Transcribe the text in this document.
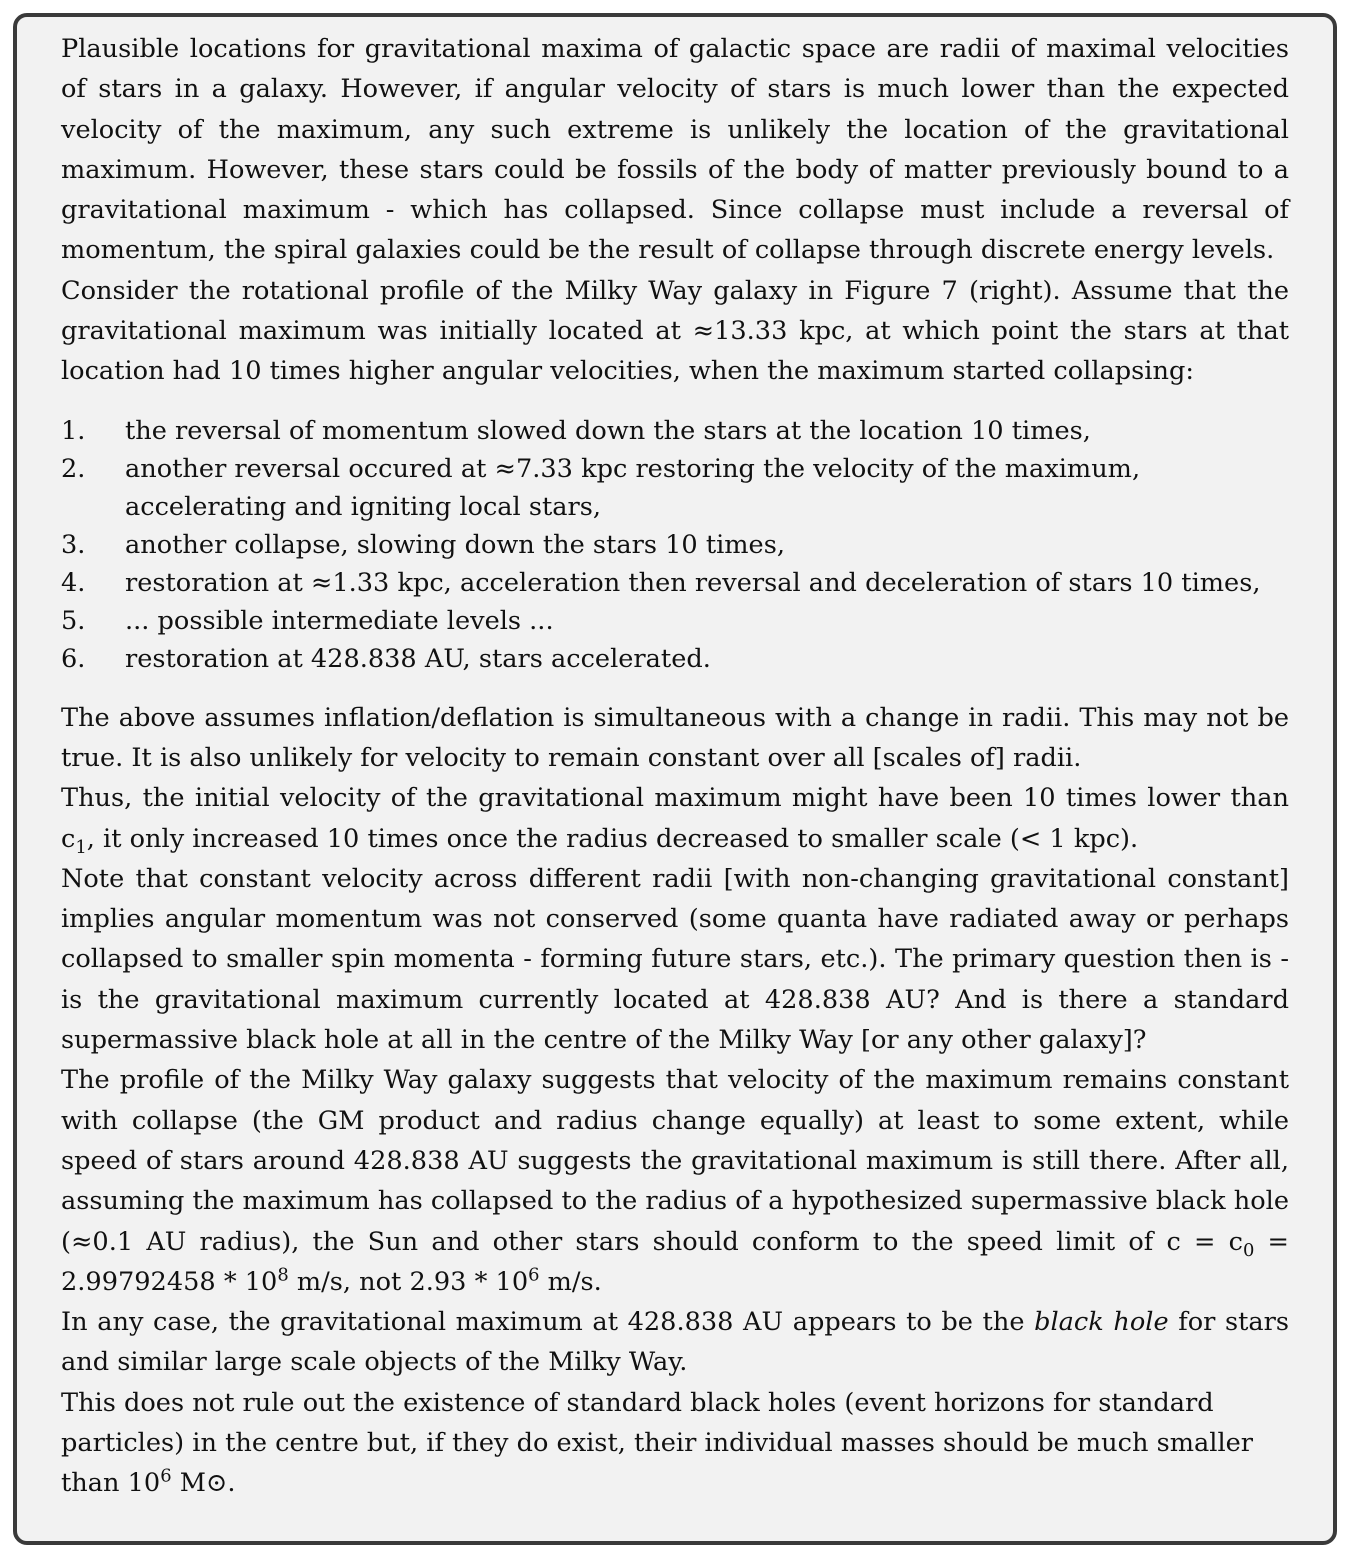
Plausible locations for gravitational maxima of galactic space are radii of maximal velocities of stars in a galaxy. However, if angular velocity of stars is much lower than the expected velocity of the maximum, any such extreme is unlikely the location of the gravitational maximum. However, these stars could be fossils of the body of matter previously bound to a gravitational maximum - which has collapsed. Since collapse must include a reversal of momentum, the spiral galaxies could be the result of collapse through discrete energy levels.

Consider the rotational profile of the Milky Way galaxy in Figure 7 (right). Assume that the gravitational maximum was initially located at ≈13.33 kpc, at which point the stars at that location had 10 times higher angular velocities, when the maximum started collapsing:

1.	the reversal of momentum slowed down the stars at the location 10 times,
2.	another reversal occured at ≈7.33 kpc restoring the velocity of the maximum, accelerating and igniting local stars,
3.	another collapse, slowing down the stars 10 times,
4.	restoration at ≈1.33 kpc, acceleration then reversal and deceleration of stars 10 times,
5.	... possible intermediate levels ...
6.	restoration at 428.838 AU, stars accelerated.

The above assumes inflation/deflation is simultaneous with a change in radii. This may not be true. It is also unlikely for velocity to remain constant over all [scales of] radii.

Thus, the initial velocity of the gravitational maximum might have been 10 times lower than $c_1$, it only increased 10 times once the radius decreased to smaller scale (< 1 kpc).

Note that constant velocity across different radii [with non-changing gravitational constant] implies angular momentum was not conserved (some quanta have radiated away or perhaps collapsed to smaller spin momenta - forming future stars, etc.). The primary question then is - is the gravitational maximum currently located at 428.838 AU? And is there a standard supermassive black hole at all in the centre of the Milky Way [or any other galaxy]?

The profile of the Milky Way galaxy suggests that velocity of the maximum remains constant with collapse (the GM product and radius change equally) at least to some extent, while speed of stars around 428.838 AU suggests the gravitational maximum is still there. After all, assuming the maximum has collapsed to the radius of a hypothesized supermassive black hole (≈0.1 AU radius), the Sun and other stars should conform to the speed limit of $c = c_0 = 2.99792458 * 10^8$ m/s, not $2.93 * 10^6$ m/s.

In any case, the gravitational maximum at 428.838 AU appears to be the black hole for stars and similar large scale objects of the Milky Way.

This does not rule out the existence of standard black holes (event horizons for standard particles) in the centre but, if they do exist, their individual masses should be much smaller than $10^6$ M⊙.
